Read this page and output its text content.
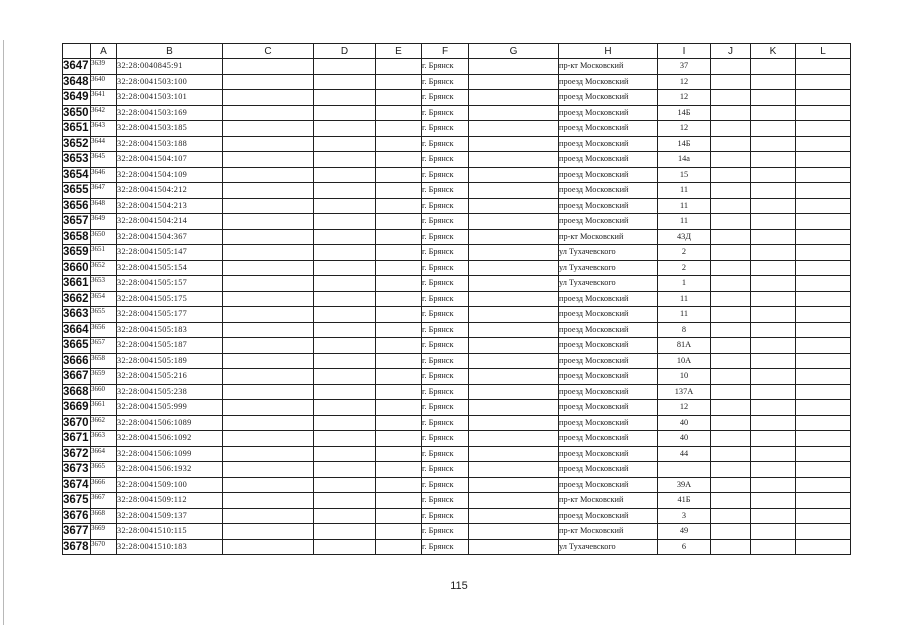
	A	B	C	D	E	F	G	H	I	J	K	L
3647	3639	32:28:0040845:91				г. Брянск		пр-кт Московский	37			
3648	3640	32:28:0041503:100				г. Брянск		проезд Московский	12			
3649	3641	32:28:0041503:101				г. Брянск		проезд Московский	12			
3650	3642	32:28:0041503:169				г. Брянск		проезд Московский	14Б			
3651	3643	32:28:0041503:185				г. Брянск		проезд Московский	12			
3652	3644	32:28:0041503:188				г. Брянск		проезд Московский	14Б			
3653	3645	32:28:0041504:107				г. Брянск		проезд Московский	14а			
3654	3646	32:28:0041504:109				г. Брянск		проезд Московский	15			
3655	3647	32:28:0041504:212				г. Брянск		проезд Московский	11			
3656	3648	32:28:0041504:213				г. Брянск		проезд Московский	11			
3657	3649	32:28:0041504:214				г. Брянск		проезд Московский	11			
3658	3650	32:28:0041504:367				г. Брянск		пр-кт Московский	43Д			
3659	3651	32:28:0041505:147				г. Брянск		ул Тухачевского	2			
3660	3652	32:28:0041505:154				г. Брянск		ул Тухачевского	2			
3661	3653	32:28:0041505:157				г. Брянск		ул Тухачевского	1			
3662	3654	32:28:0041505:175				г. Брянск		проезд Московский	11			
3663	3655	32:28:0041505:177				г. Брянск		проезд Московский	11			
3664	3656	32:28:0041505:183				г. Брянск		проезд Московский	8			
3665	3657	32:28:0041505:187				г. Брянск		проезд Московский	81А			
3666	3658	32:28:0041505:189				г. Брянск		проезд Московский	10А			
3667	3659	32:28:0041505:216				г. Брянск		проезд Московский	10			
3668	3660	32:28:0041505:238				г. Брянск		проезд Московский	137А			
3669	3661	32:28:0041505:999				г. Брянск		проезд Московский	12			
3670	3662	32:28:0041506:1089				г. Брянск		проезд Московский	40			
3671	3663	32:28:0041506:1092				г. Брянск		проезд Московский	40			
3672	3664	32:28:0041506:1099				г. Брянск		проезд Московский	44			
3673	3665	32:28:0041506:1932				г. Брянск		проезд Московский				
3674	3666	32:28:0041509:100				г. Брянск		проезд Московский	39А			
3675	3667	32:28:0041509:112				г. Брянск		пр-кт Московский	41Б			
3676	3668	32:28:0041509:137				г. Брянск		проезд Московский	3			
3677	3669	32:28:0041510:115				г. Брянск		пр-кт Московский	49			
3678	3670	32:28:0041510:183				г. Брянск		ул Тухачевского	6			
115
